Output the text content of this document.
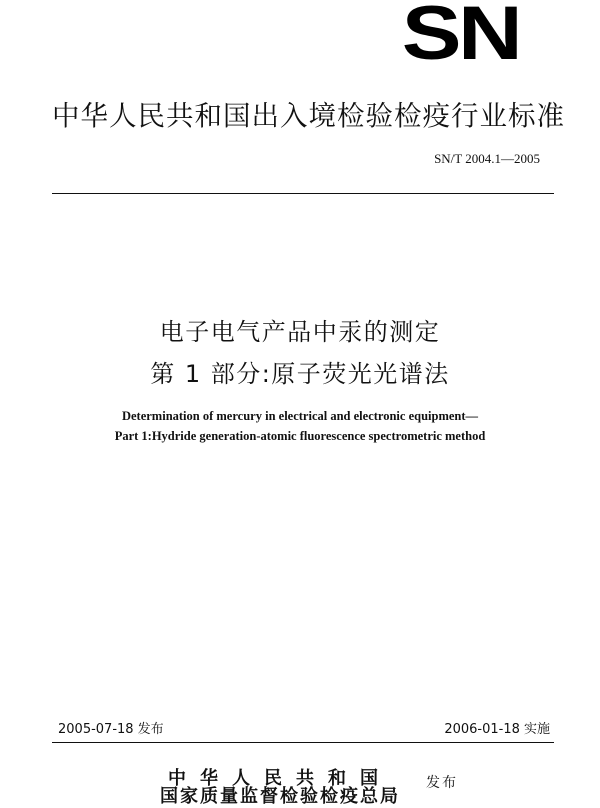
SN
中华人民共和国出入境检验检疫行业标准
SN/T 2004.1—2005
电子电气产品中汞的测定
第 1 部分:原子荧光光谱法
Determination of mercury in electrical and electronic equipment—
Part 1:Hydride generation-atomic fluorescence spectrometric method
2005-07-18 发布	2006-01-18 实施
中华人民共和国
国家质量监督检验检疫总局
发布
